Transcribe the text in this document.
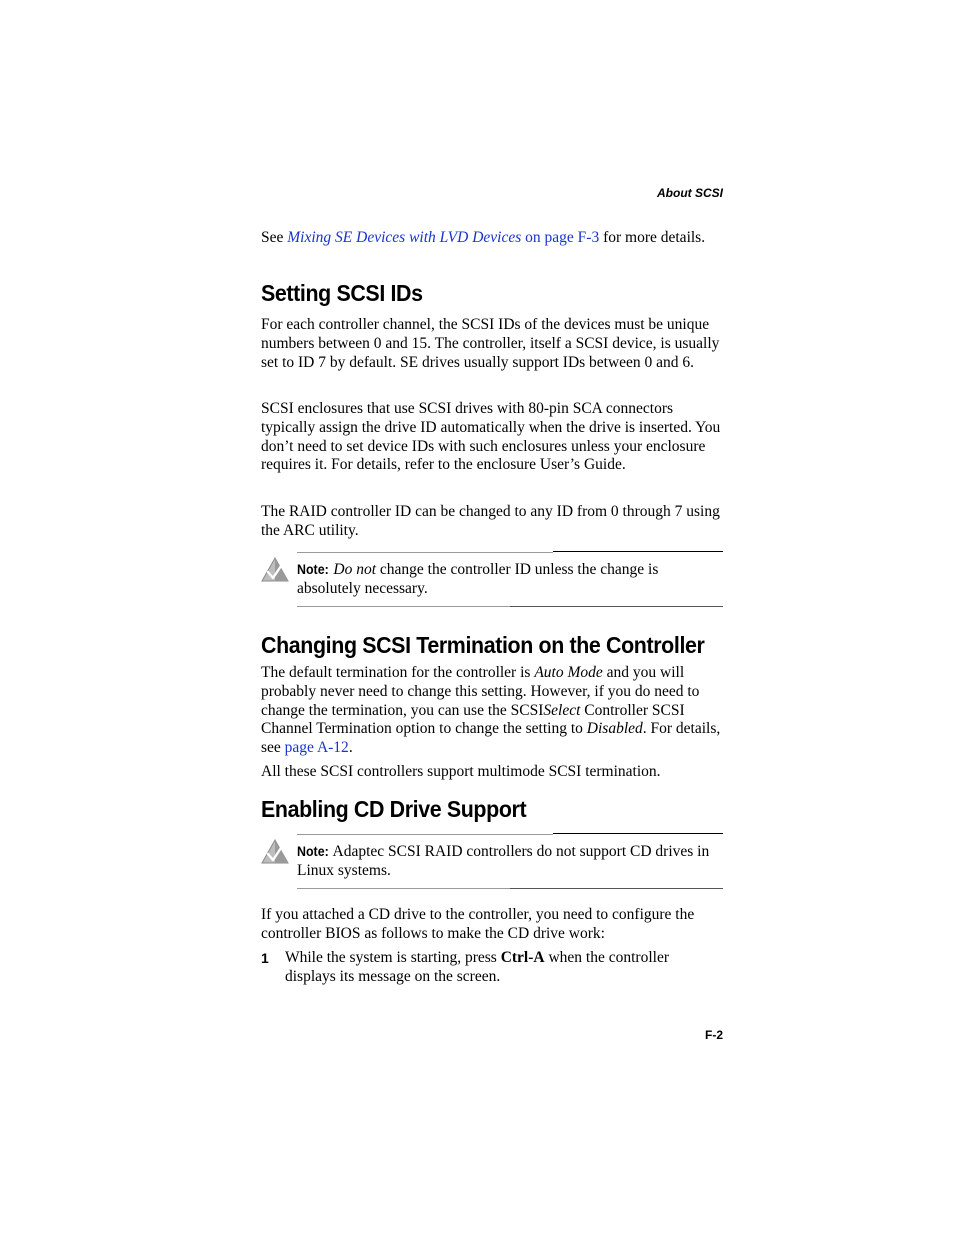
About SCSI
See Mixing SE Devices with LVD Devices on page F-3 for more details.
Setting SCSI IDs
For each controller channel, the SCSI IDs of the devices must be unique numbers between 0 and 15. The controller, itself a SCSI device, is usually set to ID 7 by default. SE drives usually support IDs between 0 and 6.
SCSI enclosures that use SCSI drives with 80-pin SCA connectors typically assign the drive ID automatically when the drive is inserted. You don’t need to set device IDs with such enclosures unless your enclosure requires it. For details, refer to the enclosure User’s Guide.
The RAID controller ID can be changed to any ID from 0 through 7 using the ARC utility.
Note: Do not change the controller ID unless the change is absolutely necessary.
Changing SCSI Termination on the Controller
The default termination for the controller is Auto Mode and you will probably never need to change this setting. However, if you do need to change the termination, you can use the SCSISelect Controller SCSI Channel Termination option to change the setting to Disabled. For details, see page A-12.
All these SCSI controllers support multimode SCSI termination.
Enabling CD Drive Support
Note: Adaptec SCSI RAID controllers do not support CD drives in Linux systems.
If you attached a CD drive to the controller, you need to configure the controller BIOS as follows to make the CD drive work:
1 While the system is starting, press Ctrl-A when the controller displays its message on the screen.
F-2
